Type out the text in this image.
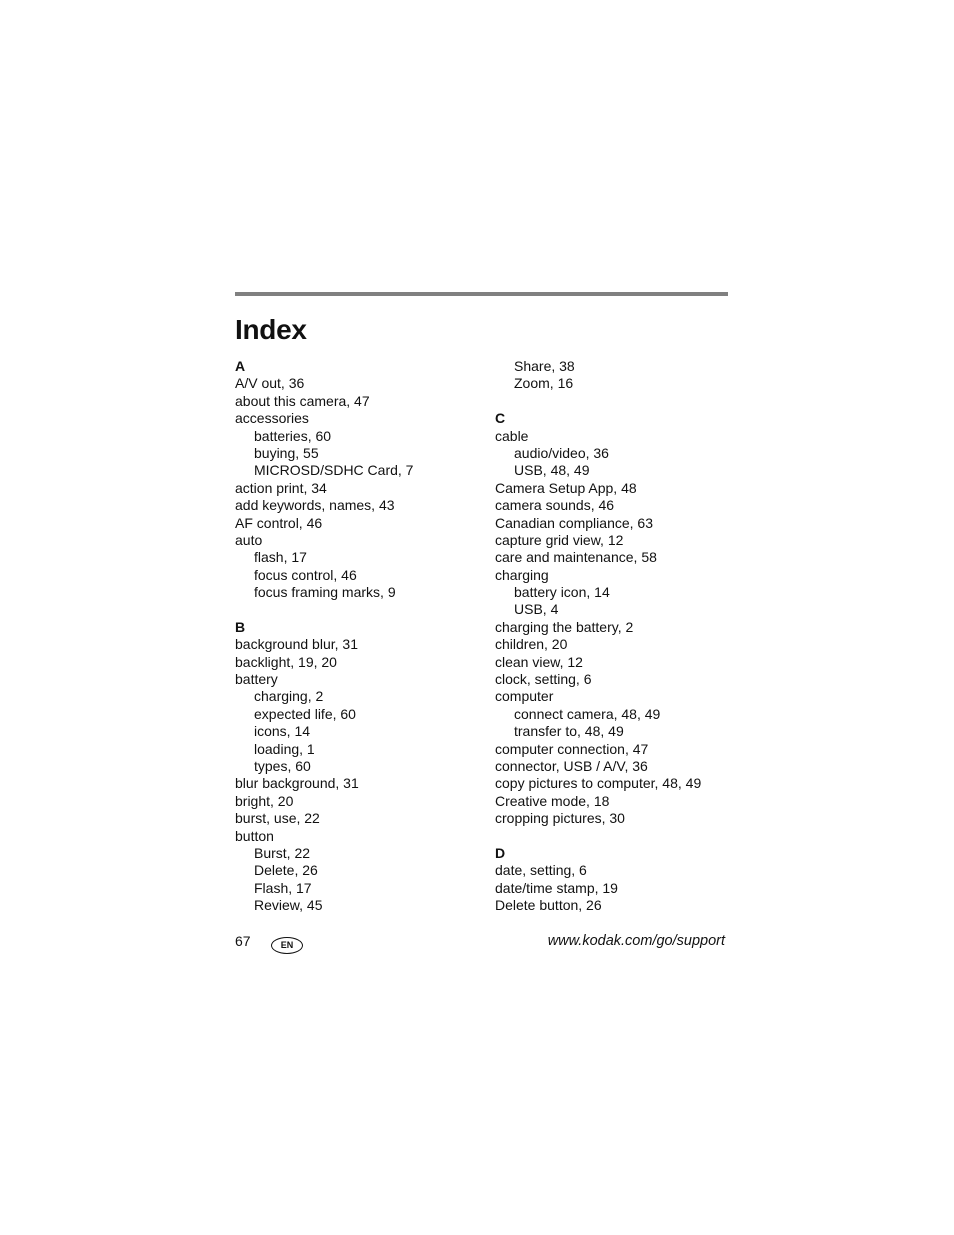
Index
A
A/V out, 36
about this camera, 47
accessories
batteries, 60
buying, 55
MICROSD/SDHC Card, 7
action print, 34
add keywords, names, 43
AF control, 46
auto
flash, 17
focus control, 46
focus framing marks, 9
B
background blur, 31
backlight, 19, 20
battery
charging, 2
expected life, 60
icons, 14
loading, 1
types, 60
blur background, 31
bright, 20
burst, use, 22
button
Burst, 22
Delete, 26
Flash, 17
Review, 45
Share, 38
Zoom, 16
C
cable
audio/video, 36
USB, 48, 49
Camera Setup App, 48
camera sounds, 46
Canadian compliance, 63
capture grid view, 12
care and maintenance, 58
charging
battery icon, 14
USB, 4
charging the battery, 2
children, 20
clean view, 12
clock, setting, 6
computer
connect camera, 48, 49
transfer to, 48, 49
computer connection, 47
connector, USB / A/V, 36
copy pictures to computer, 48, 49
Creative mode, 18
cropping pictures, 30
D
date, setting, 6
date/time stamp, 19
Delete button, 26
67	EN	www.kodak.com/go/support
